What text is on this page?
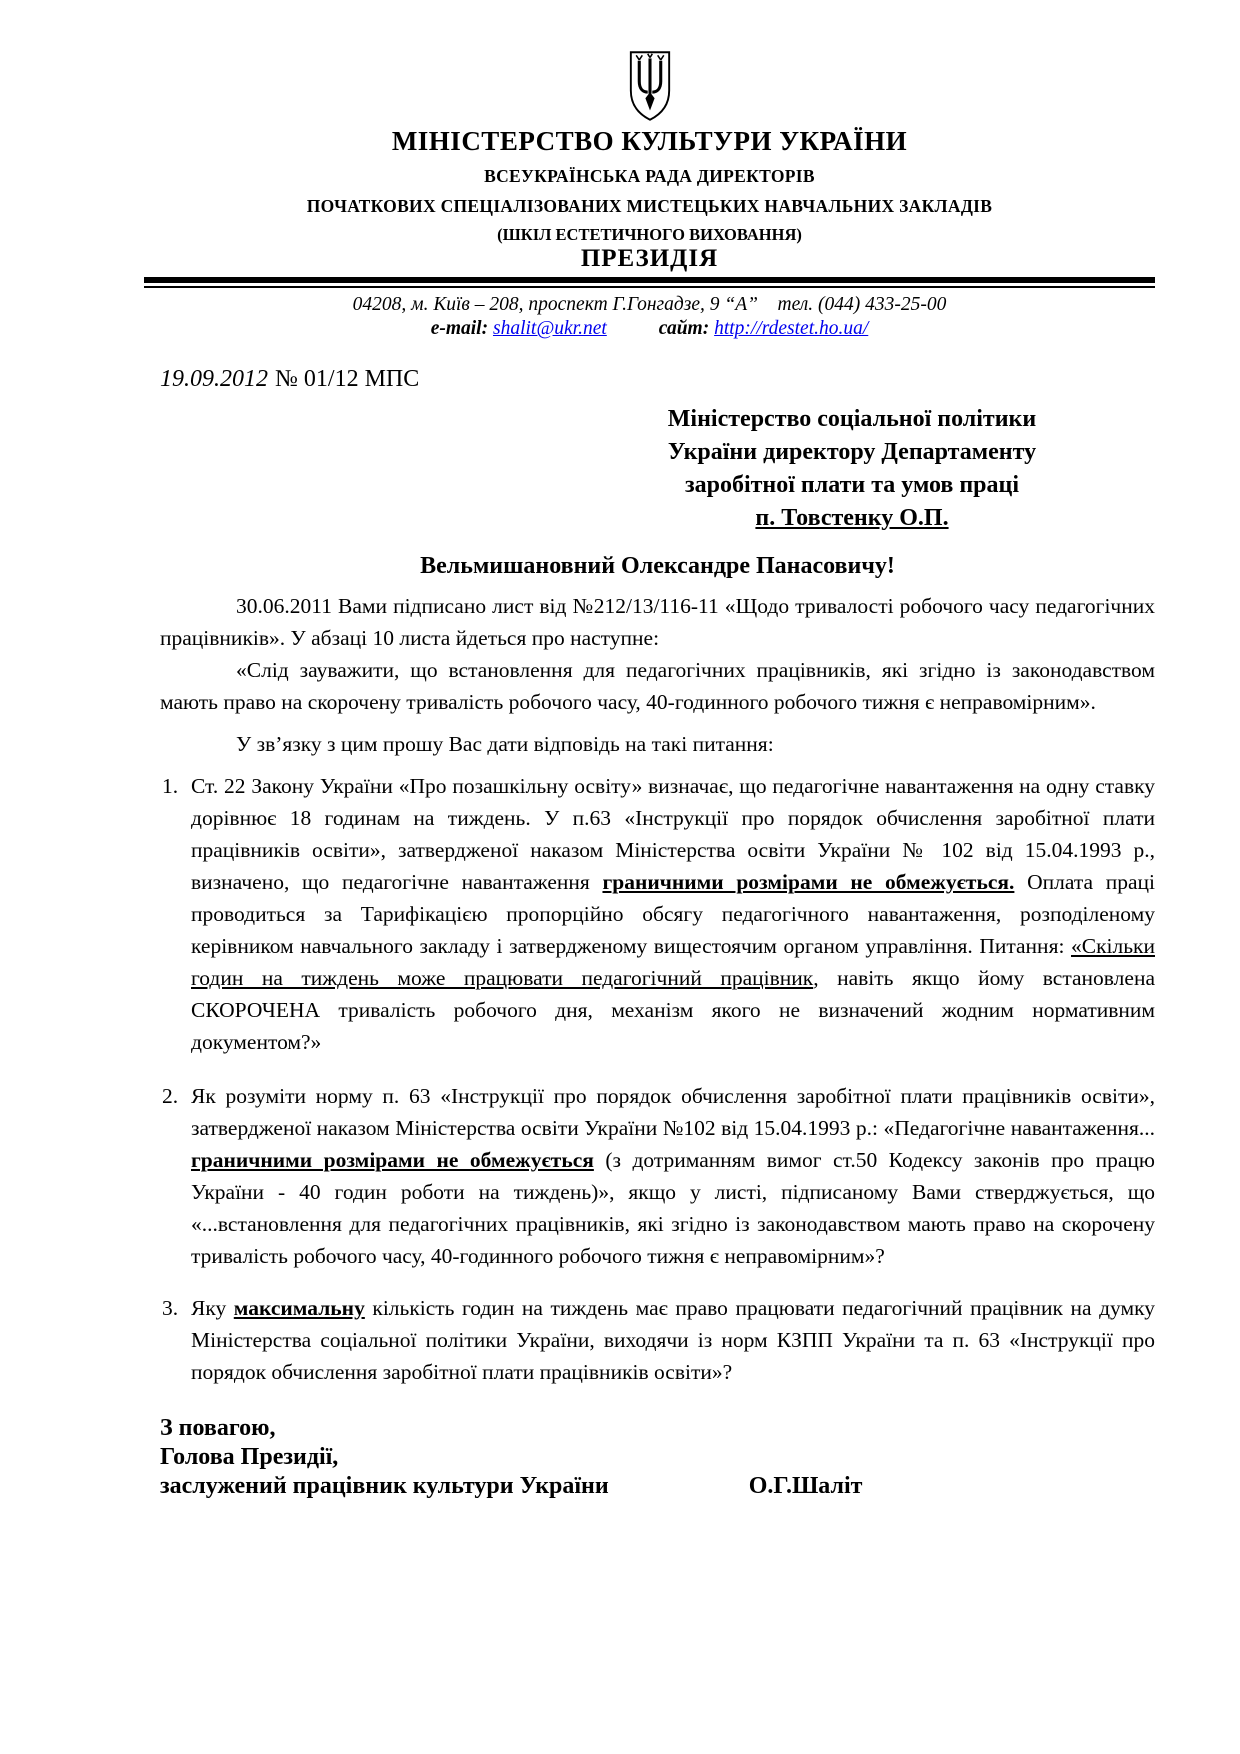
МІНІСТЕРСТВО КУЛЬТУРИ УКРАЇНИ
ВСЕУКРАЇНСЬКА РАДА ДИРЕКТОРІВ
ПОЧАТКОВИХ СПЕЦІАЛІЗОВАНИХ МИСТЕЦЬКИХ НАВЧАЛЬНИХ ЗАКЛАДІВ
(ШКІЛ ЕСТЕТИЧНОГО ВИХОВАННЯ)
ПРЕЗИДІЯ
04208, м. Київ – 208, проспект Г.Гонгадзе, 9 “А”    тел. (044) 433-25-00
e-mail: shalit@ukr.net	сайт: http://rdestet.ho.ua/
19.09.2012 № 01/12 МПС
Міністерство соціальної політики
України директору Департаменту
заробітної плати та умов праці
п. Товстенку О.П.
Вельмишановний Олександре Панасовичу!

30.06.2011 Вами підписано лист від №212/13/116-11 «Щодо тривалості робочого часу педагогічних працівників». У абзаці 10 листа йдеться про наступне:

«Слід зауважити, що встановлення для педагогічних працівників, які згідно із законодавством мають право на скорочену тривалість робочого часу, 40-годинного робочого тижня є неправомірним».

У зв’язку з цим прошу Вас дати відповідь на такі питання:

1. Ст. 22 Закону України «Про позашкільну освіту» визначає, що педагогічне навантаження на одну ставку дорівнює 18 годинам на тиждень. У п.63 «Інструкції про порядок обчислення заробітної плати працівників освіти», затвердженої наказом Міністерства освіти України № 102 від 15.04.1993 р., визначено, що педагогічне навантаження граничними розмірами не обмежується. Оплата праці проводиться за Тарифікацією пропорційно обсягу педагогічного навантаження, розподіленому керівником навчального закладу і затвердженому вищестоячим органом управління. Питання: «Скільки годин на тиждень може працювати педагогічний працівник, навіть якщо йому встановлена СКОРОЧЕНА тривалість робочого дня, механізм якого не визначений жодним нормативним документом?»
2. Як розуміти норму п. 63 «Інструкції про порядок обчислення заробітної плати працівників освіти», затвердженої наказом Міністерства освіти України №102 від 15.04.1993 р.: «Педагогічне навантаження... граничними розмірами не обмежується (з дотриманням вимог ст.50 Кодексу законів про працю України - 40 годин роботи на тиждень)», якщо у листі, підписаному Вами стверджується, що «...встановлення для педагогічних працівників, які згідно із законодавством мають право на скорочену тривалість робочого часу, 40-годинного робочого тижня є неправомірним»?
3. Яку максимальну кількість годин на тиждень має право працювати педагогічний працівник на думку Міністерства соціальної політики України, виходячи із норм КЗПП України та п. 63 «Інструкції про порядок обчислення заробітної плати працівників освіти»?
З повагою,
Голова Президії,
заслужений працівник культури України	О.Г.Шаліт
